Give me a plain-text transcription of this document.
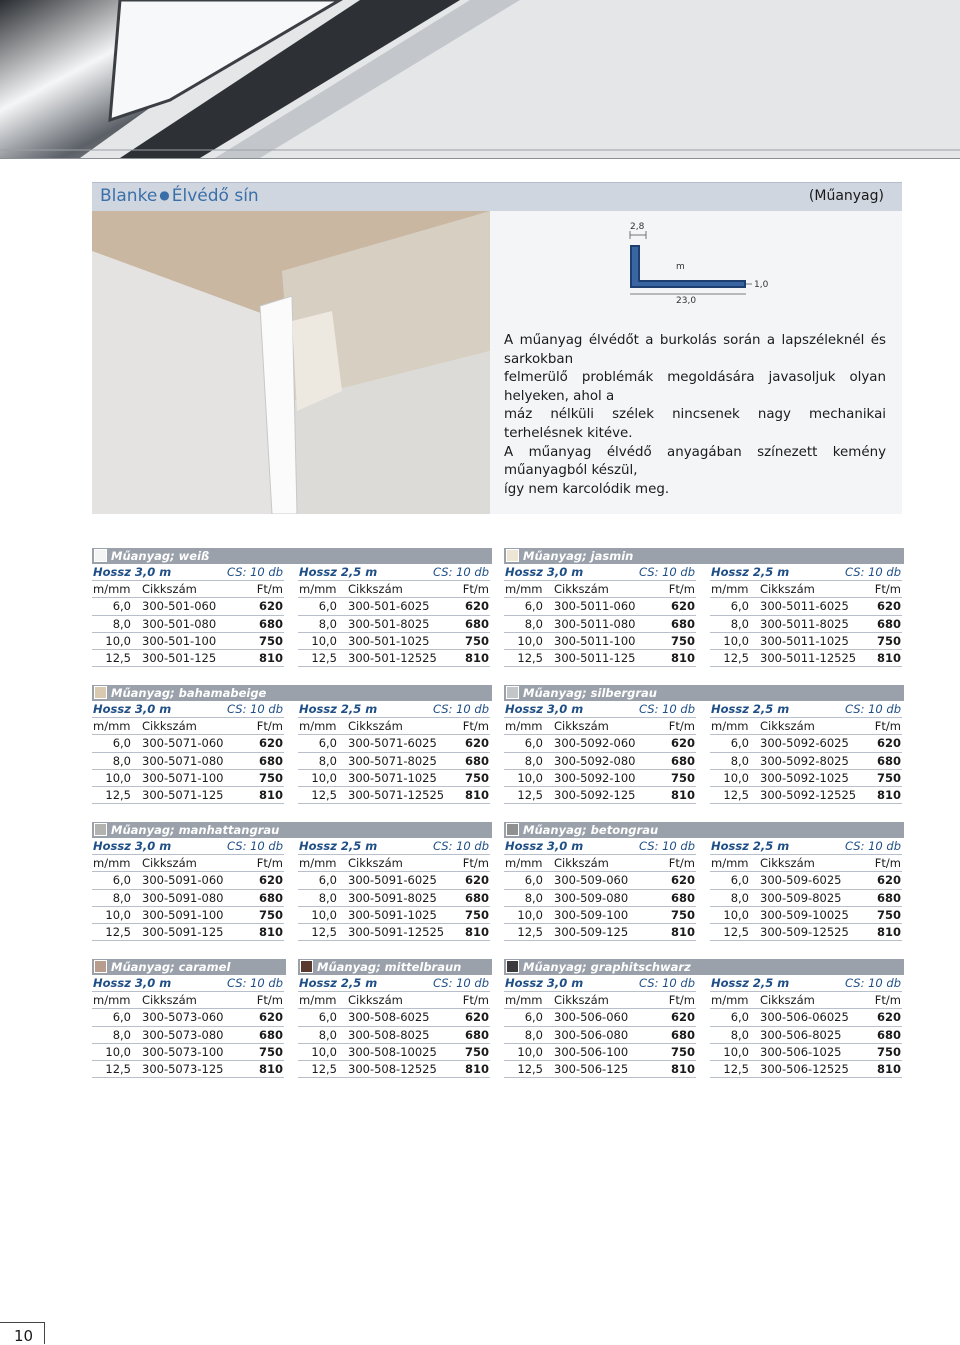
Blanke ● Élvédő sín	(Műanyag)
2,8
m
1,0
23,0
A műanyag élvédőt a burkolás során a lapszéleknél és sarkokban
felmerülő problémák megoldására javasoljuk olyan helyeken, ahol a
máz nélküli szélek nincsenek nagy mechanikai terhelésnek kitéve.
A műanyag élvédő anyagában színezett kemény műanyagból készül,
így nem karcolódik meg.
Műanyag; weiß
Hossz 3,0 m	CS: 10 db
m/mm Cikkszám	Ft/m
6,0 300-501-060	620
8,0 300-501-080	680
10,0 300-501-100	750
12,5 300-501-125	810
Hossz 2,5 m	CS: 10 db
m/mm Cikkszám	Ft/m
6,0 300-501-6025	620
8,0 300-501-8025	680
10,0 300-501-1025	750
12,5 300-501-12525 810
Műanyag; jasmin
Hossz 3,0 m	CS: 10 db
m/mm Cikkszám	Ft/m
6,0 300-5011-060	620
8,0 300-5011-080	680
10,0 300-5011-100	750
12,5 300-5011-125	810
Hossz 2,5 m	CS: 10 db
m/mm Cikkszám	Ft/m
6,0 300-5011-6025 620
8,0 300-5011-8025 680
10,0 300-5011-1025 750
12,5 300-5011-12525 810
Műanyag; bahamabeige
Hossz 3,0 m	CS: 10 db
m/mm Cikkszám	Ft/m
6,0 300-5071-060	620
8,0 300-5071-080	680
10,0 300-5071-100	750
12,5 300-5071-125	810
Hossz 2,5 m	CS: 10 db
m/mm Cikkszám	Ft/m
6,0 300-5071-6025 620
8,0 300-5071-8025 680
10,0 300-5071-1025 750
12,5 300-5071-12525 810
Műanyag; silbergrau
Hossz 3,0 m	CS: 10 db
m/mm Cikkszám	Ft/m
6,0 300-5092-060	620
8,0 300-5092-080	680
10,0 300-5092-100	750
12,5 300-5092-125	810
Hossz 2,5 m	CS: 10 db
m/mm Cikkszám	Ft/m
6,0 300-5092-6025 620
8,0 300-5092-8025 680
10,0 300-5092-1025 750
12,5 300-5092-12525 810
Műanyag; manhattangrau
Hossz 3,0 m	CS: 10 db
m/mm Cikkszám	Ft/m
6,0 300-5091-060	620
8,0 300-5091-080	680
10,0 300-5091-100	750
12,5 300-5091-125	810
Hossz 2,5 m	CS: 10 db
m/mm Cikkszám	Ft/m
6,0 300-5091-6025 620
8,0 300-5091-8025 680
10,0 300-5091-1025 750
12,5 300-5091-12525 810
Műanyag; betongrau
Hossz 3,0 m	CS: 10 db
m/mm Cikkszám	Ft/m
6,0 300-509-060	620
8,0 300-509-080	680
10,0 300-509-100	750
12,5 300-509-125	810
Hossz 2,5 m	CS: 10 db
m/mm Cikkszám	Ft/m
6,0 300-509-6025	620
8,0 300-509-8025	680
10,0 300-509-10025 750
12,5 300-509-12525 810
Műanyag; caramel
Hossz 3,0 m	CS: 10 db
m/mm Cikkszám	Ft/m
6,0 300-5073-060	620
8,0 300-5073-080	680
10,0 300-5073-100	750
12,5 300-5073-125	810
Műanyag; mittelbraun
Hossz 2,5 m	CS: 10 db
m/mm Cikkszám	Ft/m
6,0 300-508-6025	620
8,0 300-508-8025	680
10,0 300-508-10025 750
12,5 300-508-12525 810
Műanyag; graphitschwarz
Hossz 3,0 m	CS: 10 db
m/mm Cikkszám	Ft/m
6,0 300-506-060	620
8,0 300-506-080	680
10,0 300-506-100	750
12,5 300-506-125	810
Hossz 2,5 m	CS: 10 db
m/mm Cikkszám	Ft/m
6,0 300-506-06025 620
8,0 300-506-8025	680
10,0 300-506-1025	750
12,5 300-506-12525 810
10
